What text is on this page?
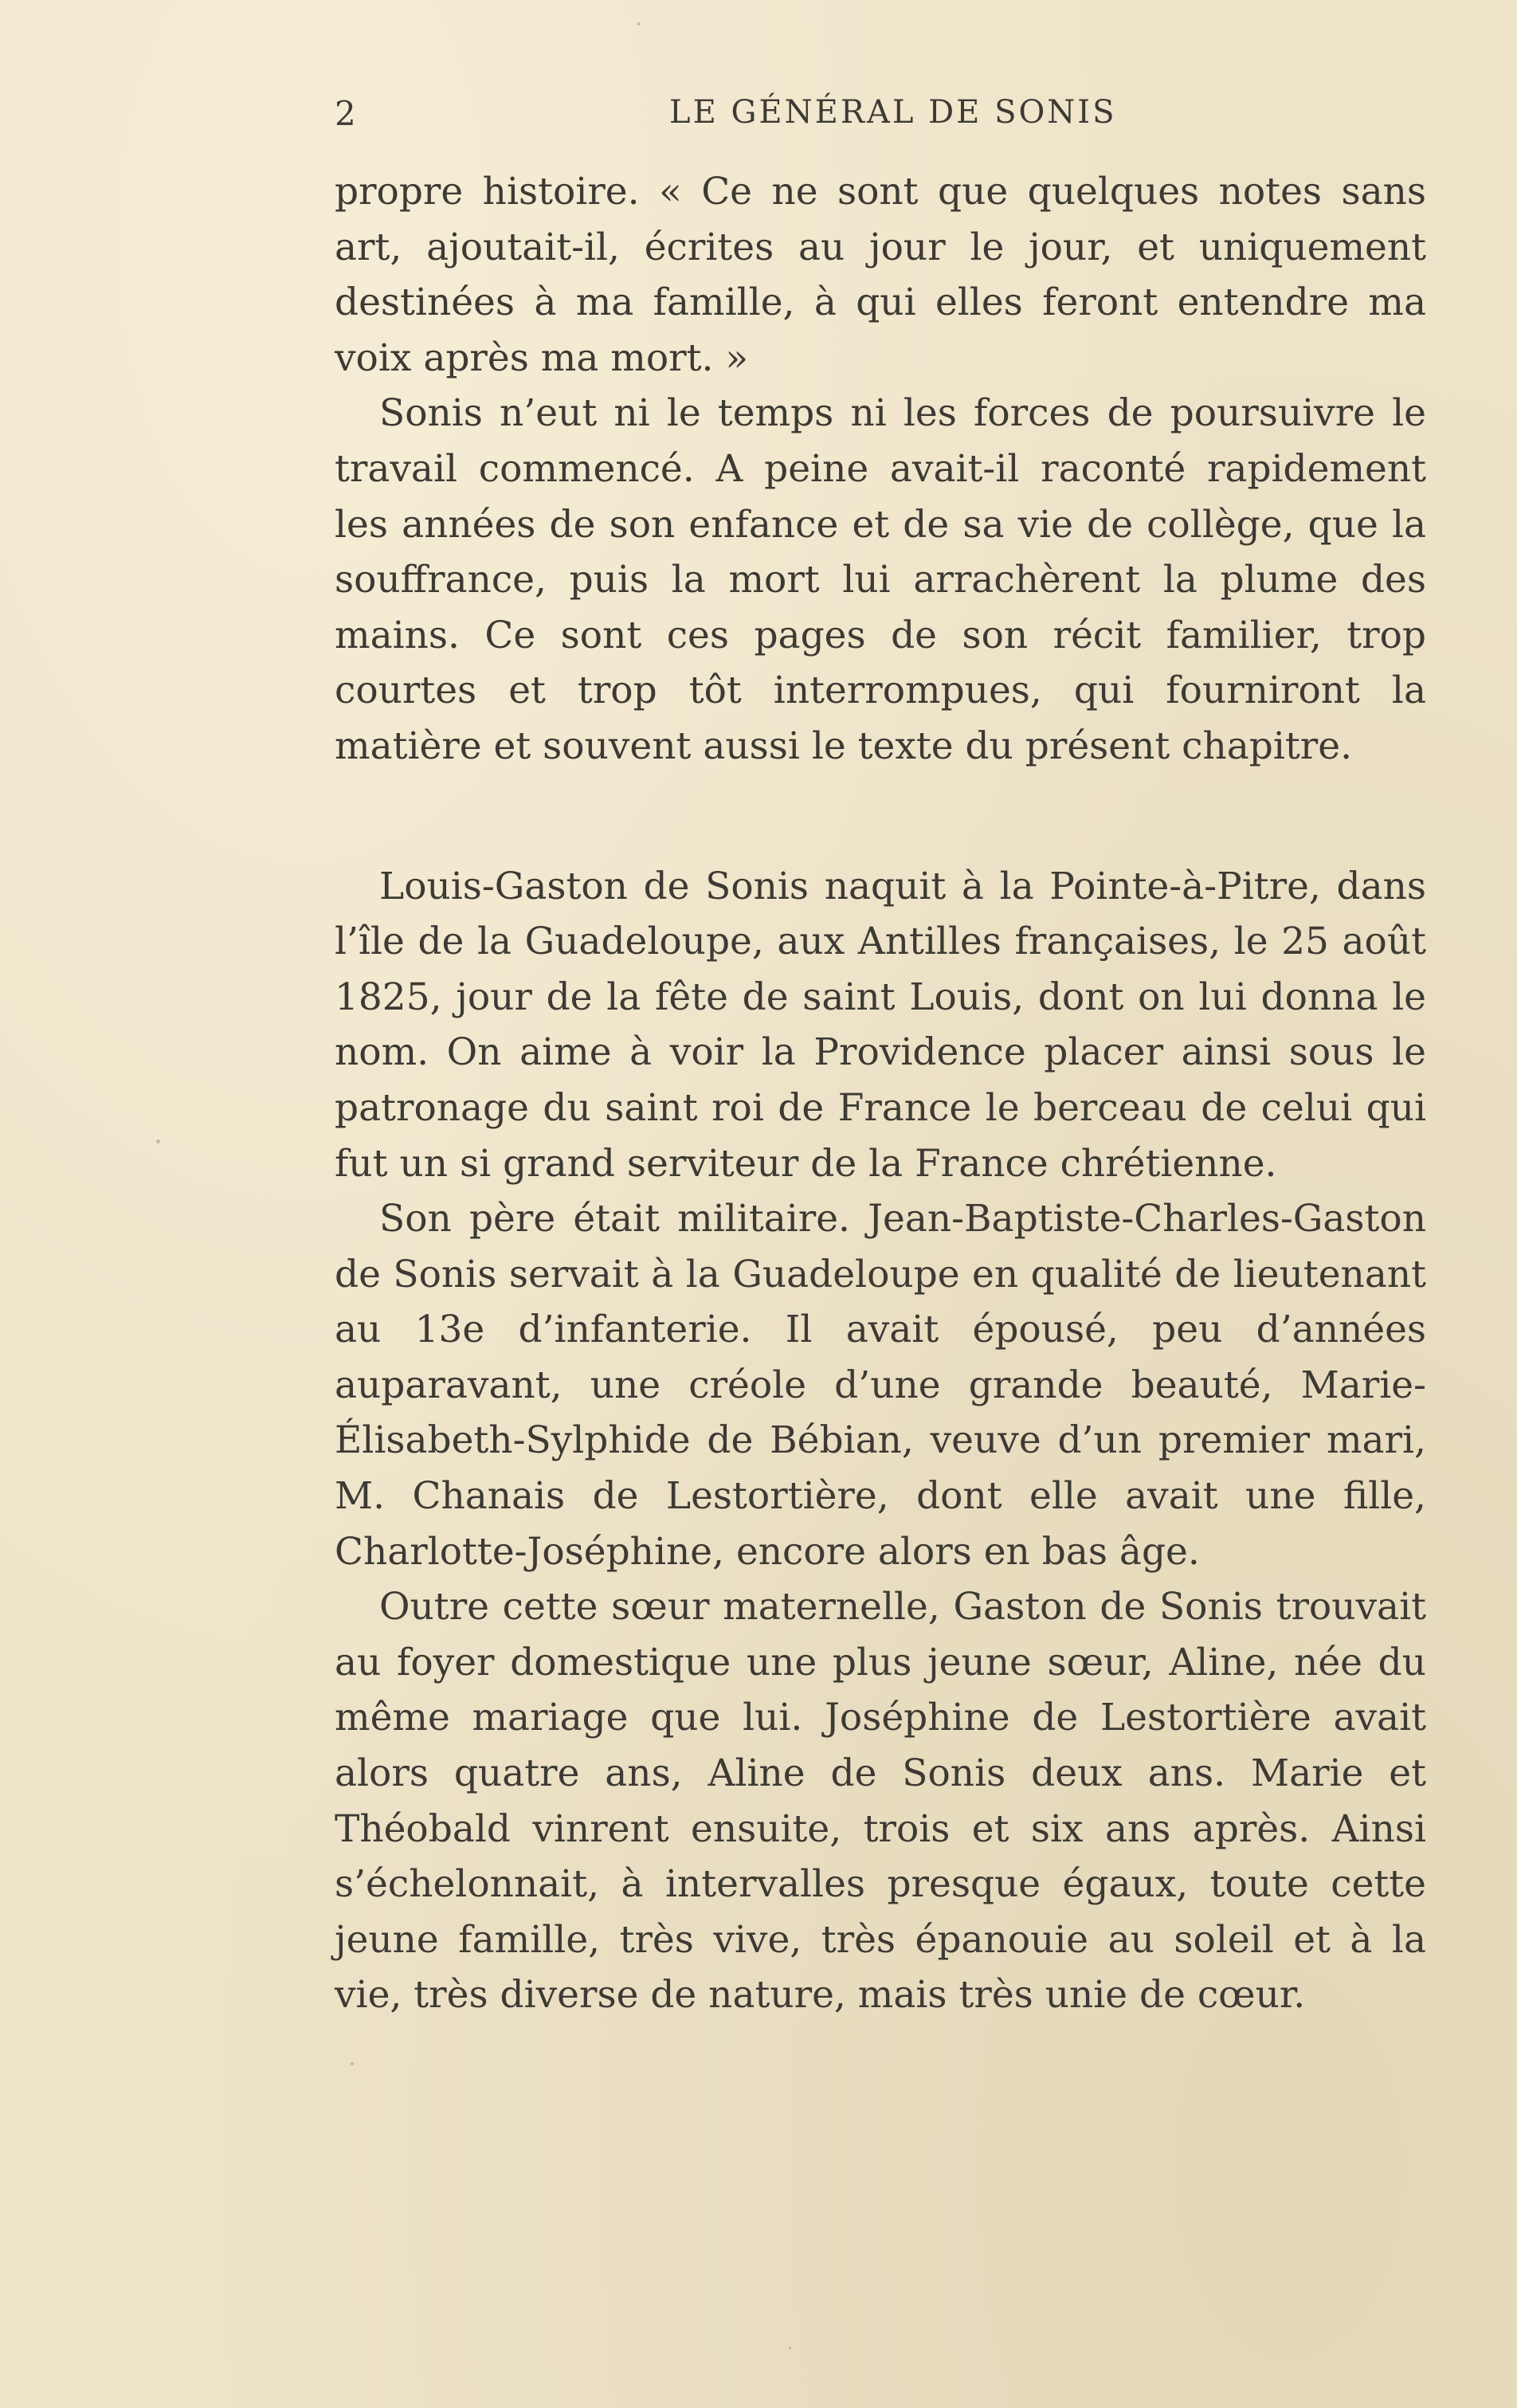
2	LE GÉNÉRAL DE SONIS

propre histoire. « Ce ne sont que quelques notes sans art, ajoutait-il, écrites au jour le jour, et uniquement destinées à ma famille, à qui elles feront entendre ma voix après ma mort. »

Sonis n’eut ni le temps ni les forces de poursuivre le travail commencé. A peine avait-il raconté rapidement les années de son enfance et de sa vie de collège, que la souffrance, puis la mort lui arrachèrent la plume des mains. Ce sont ces pages de son récit familier, trop courtes et trop tôt interrompues, qui fourniront la matière et souvent aussi le texte du présent chapitre.

Louis-Gaston de Sonis naquit à la Pointe-à-Pitre, dans l’île de la Guadeloupe, aux Antilles françaises, le 25 août 1825, jour de la fête de saint Louis, dont on lui donna le nom. On aime à voir la Providence placer ainsi sous le patronage du saint roi de France le berceau de celui qui fut un si grand serviteur de la France chrétienne.

Son père était militaire. Jean-Baptiste-Charles-Gaston de Sonis servait à la Guadeloupe en qualité de lieutenant au 13e d’infanterie. Il avait épousé, peu d’années auparavant, une créole d’une grande beauté, Marie-Élisabeth-Sylphide de Bébian, veuve d’un premier mari, M. Chanais de Lestortière, dont elle avait une fille, Charlotte-Joséphine, encore alors en bas âge.

Outre cette sœur maternelle, Gaston de Sonis trouvait au foyer domestique une plus jeune sœur, Aline, née du même mariage que lui. Joséphine de Lestortière avait alors quatre ans, Aline de Sonis deux ans. Marie et Théobald vinrent ensuite, trois et six ans après. Ainsi s’échelonnait, à intervalles presque égaux, toute cette jeune famille, très vive, très épanouie au soleil et à la vie, très diverse de nature, mais très unie de cœur.
